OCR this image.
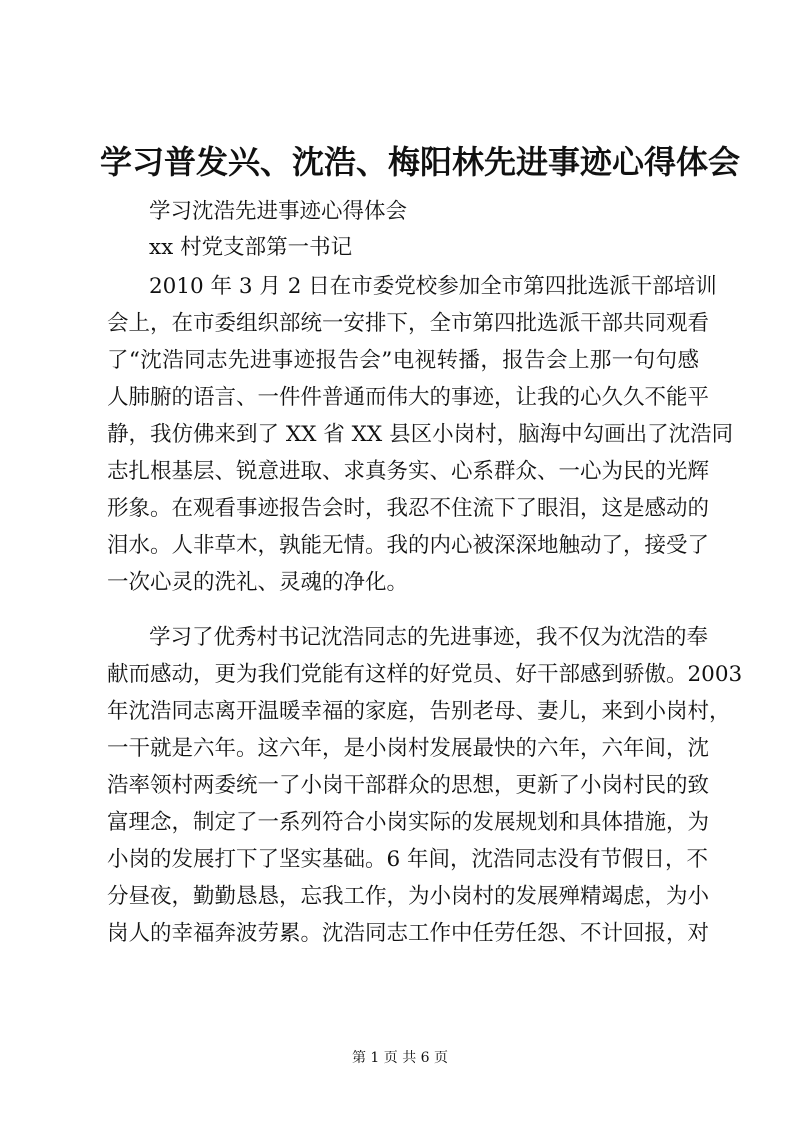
学习普发兴、沈浩、梅阳林先进事迹心得体会
学习沈浩先进事迹心得体会
xx 村党支部第一书记
2010 年 3 月 2 日在市委党校参加全市第四批选派干部培训
会上，在市委组织部统一安排下，全市第四批选派干部共同观看
了“沈浩同志先进事迹报告会”电视转播，报告会上那一句句感
人肺腑的语言、一件件普通而伟大的事迹，让我的心久久不能平
静，我仿佛来到了 XX 省 XX 县区小岗村，脑海中勾画出了沈浩同
志扎根基层、锐意进取、求真务实、心系群众、一心为民的光辉
形象。在观看事迹报告会时，我忍不住流下了眼泪，这是感动的
泪水。人非草木，孰能无情。我的内心被深深地触动了，接受了
一次心灵的洗礼、灵魂的净化。
学习了优秀村书记沈浩同志的先进事迹，我不仅为沈浩的奉
献而感动，更为我们党能有这样的好党员、好干部感到骄傲。2003
年沈浩同志离开温暖幸福的家庭，告别老母、妻儿，来到小岗村，
一干就是六年。这六年，是小岗村发展最快的六年，六年间，沈
浩率领村两委统一了小岗干部群众的思想，更新了小岗村民的致
富理念，制定了一系列符合小岗实际的发展规划和具体措施，为
小岗的发展打下了坚实基础。6 年间，沈浩同志没有节假日，不
分昼夜，勤勤恳恳，忘我工作，为小岗村的发展殚精竭虑，为小
岗人的幸福奔波劳累。沈浩同志工作中任劳任怨、不计回报，对
第 1 页 共 6 页
